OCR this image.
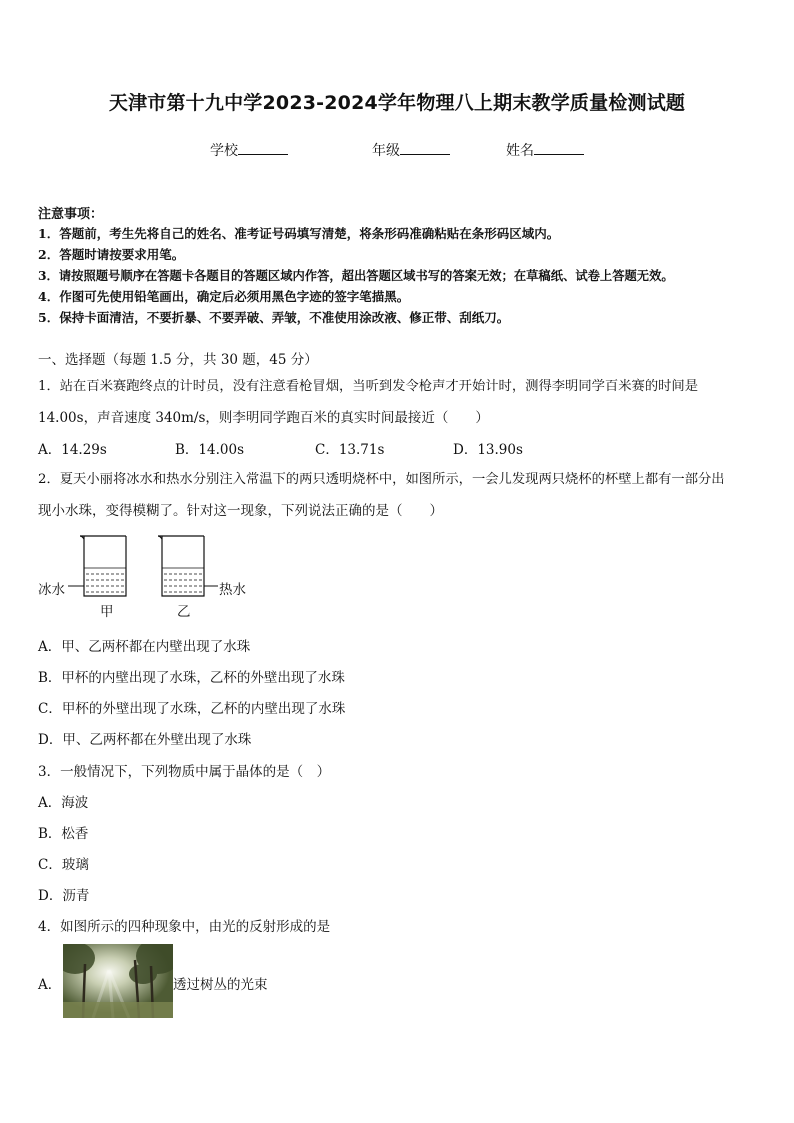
天津市第十九中学2023-2024学年物理八上期末教学质量检测试题
学校	年级	姓名
注意事项：
1．答题前，考生先将自己的姓名、准考证号码填写清楚，将条形码准确粘贴在条形码区域内。
2．答题时请按要求用笔。
3．请按照题号顺序在答题卡各题目的答题区域内作答，超出答题区域书写的答案无效；在草稿纸、试卷上答题无效。
4．作图可先使用铅笔画出，确定后必须用黑色字迹的签字笔描黑。
5．保持卡面清洁，不要折暴、不要弄破、弄皱，不准使用涂改液、修正带、刮纸刀。
一、选择题（每题 1.5 分，共 30 题，45 分）
1．站在百米赛跑终点的计时员，没有注意看枪冒烟，当听到发令枪声才开始计时，测得李明同学百米赛的时间是
14.00s，声音速度 340m/s，则李明同学跑百米的真实时间最接近（　　）
A．14.29s	B．14.00s	C．13.71s	D．13.90s
2．夏天小丽将冰水和热水分别注入常温下的两只透明烧杯中，如图所示，一会儿发现两只烧杯的杯壁上都有一部分出
现小水珠，变得模糊了。针对这一现象，下列说法正确的是（　　）
冰水	热水
甲	乙
A．甲、乙两杯都在内壁出现了水珠
B．甲杯的内壁出现了水珠，乙杯的外壁出现了水珠
C．甲杯的外壁出现了水珠，乙杯的内壁出现了水珠
D．甲、乙两杯都在外壁出现了水珠
3．一般情况下，下列物质中属于晶体的是（　）
A．海波
B．松香
C．玻璃
D．沥青
4．如图所示的四种现象中，由光的反射形成的是
A．	透过树丛的光束
